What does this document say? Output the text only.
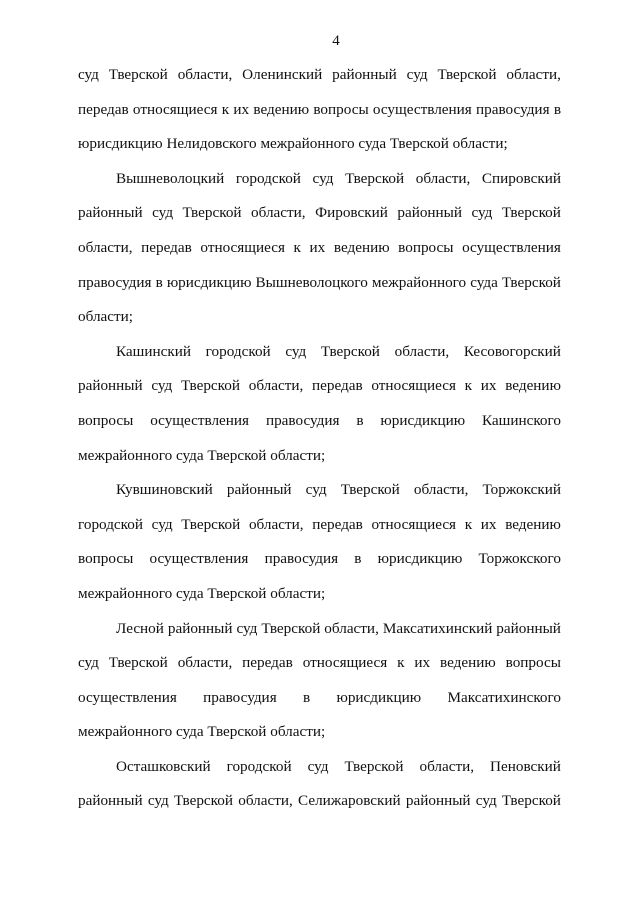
4
суд Тверской области, Оленинский районный суд Тверской области,
передав относящиеся к их ведению вопросы осуществления правосудия в
юрисдикцию Нелидовского межрайонного суда Тверской области;
Вышневолоцкий городской суд Тверской области, Спировский
районный суд Тверской области, Фировский районный суд Тверской
области, передав относящиеся к их ведению вопросы осуществления
правосудия в юрисдикцию Вышневолоцкого межрайонного суда Тверской
области;
Кашинский городской суд Тверской области, Кесовогорский
районный суд Тверской области, передав относящиеся к их ведению
вопросы осуществления правосудия в юрисдикцию Кашинского
межрайонного суда Тверской области;
Кувшиновский районный суд Тверской области, Торжокский
городской суд Тверской области, передав относящиеся к их ведению
вопросы осуществления правосудия в юрисдикцию Торжокского
межрайонного суда Тверской области;
Лесной районный суд Тверской области, Максатихинский районный
суд Тверской области, передав относящиеся к их ведению вопросы
осуществления правосудия в юрисдикцию Максатихинского
межрайонного суда Тверской области;
Осташковский городской суд Тверской области, Пеновский
районный суд Тверской области, Селижаровский районный суд Тверской
